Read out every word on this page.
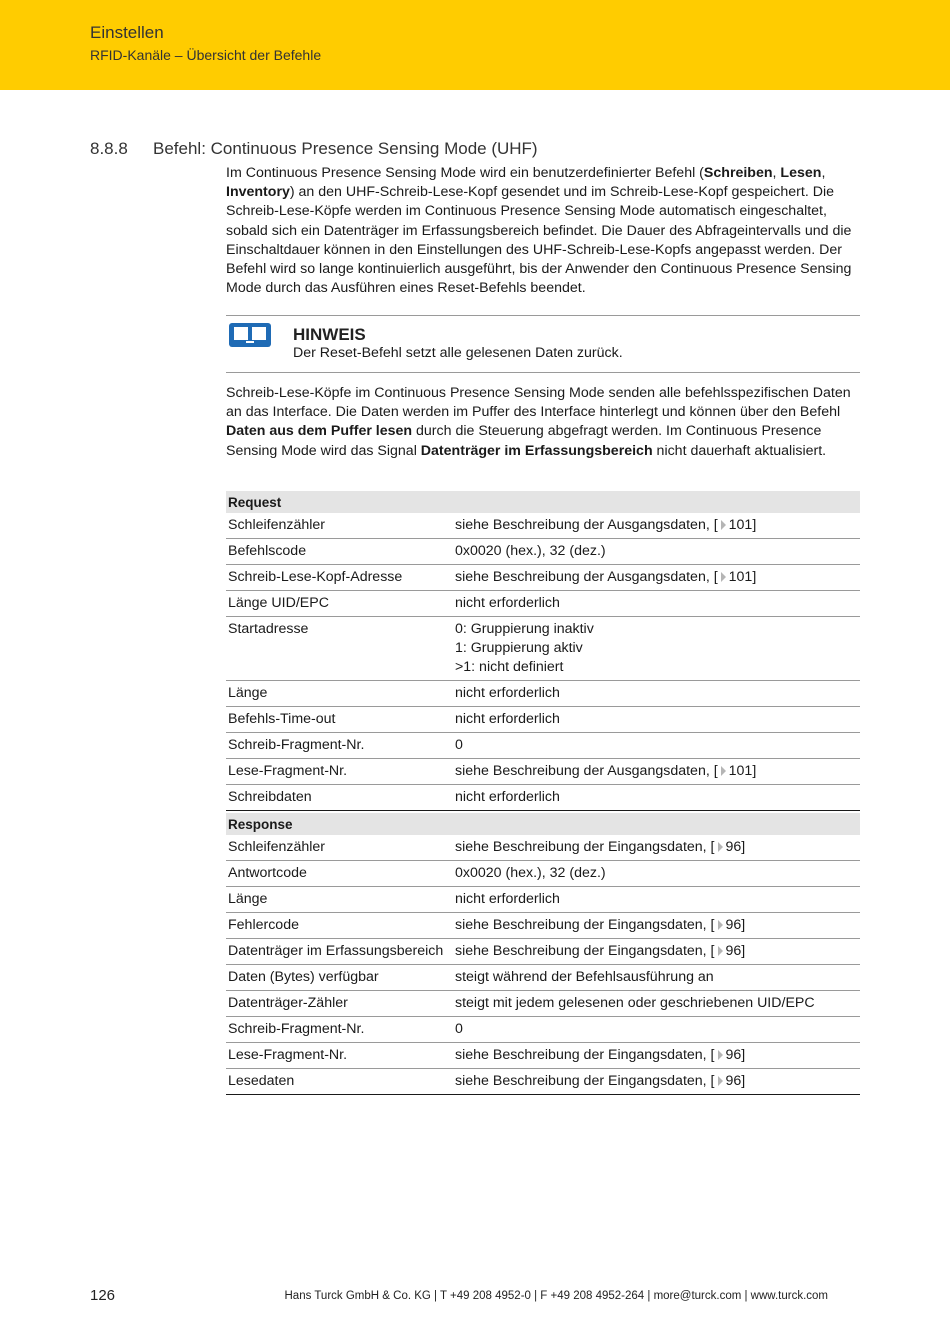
Einstellen
RFID-Kanäle – Übersicht der Befehle
8.8.8 Befehl: Continuous Presence Sensing Mode (UHF)
Im Continuous Presence Sensing Mode wird ein benutzerdefinierter Befehl (Schreiben, Lesen, Inventory) an den UHF-Schreib-Lese-Kopf gesendet und im Schreib-Lese-Kopf gespeichert. Die Schreib-Lese-Köpfe werden im Continuous Presence Sensing Mode automatisch eingeschaltet, sobald sich ein Datenträger im Erfassungsbereich befindet. Die Dauer des Abfrageintervalls und die Einschaltdauer können in den Einstellungen des UHF-Schreib-Lese-Kopfs angepasst werden. Der Befehl wird so lange kontinuierlich ausgeführt, bis der Anwender den Continuous Presence Sensing Mode durch das Ausführen eines Reset-Befehls beendet.
HINWEIS
Der Reset-Befehl setzt alle gelesenen Daten zurück.
Schreib-Lese-Köpfe im Continuous Presence Sensing Mode senden alle befehlsspezifischen Daten an das Interface. Die Daten werden im Puffer des Interface hinterlegt und können über den Befehl Daten aus dem Puffer lesen durch die Steuerung abgefragt werden. Im Continuous Presence Sensing Mode wird das Signal Datenträger im Erfassungsbereich nicht dauerhaft aktualisiert.
Request	
Schleifenzähler	siehe Beschreibung der Ausgangsdaten, [ 101]
Befehlscode	0x0020 (hex.), 32 (dez.)
Schreib-Lese-Kopf-Adresse	siehe Beschreibung der Ausgangsdaten, [ 101]
Länge UID/EPC	nicht erforderlich
Startadresse	0: Gruppierung inaktiv
1: Gruppierung aktiv
>1: nicht definiert

Länge	nicht erforderlich
Befehls-Time-out	nicht erforderlich
Schreib-Fragment-Nr.	0
Lese-Fragment-Nr.	siehe Beschreibung der Ausgangsdaten, [ 101]
Schreibdaten	nicht erforderlich
Response	
Schleifenzähler	siehe Beschreibung der Eingangsdaten, [ 96]
Antwortcode	0x0020 (hex.), 32 (dez.)
Länge	nicht erforderlich
Fehlercode	siehe Beschreibung der Eingangsdaten, [ 96]
Datenträger im Erfassungsbereich	siehe Beschreibung der Eingangsdaten, [ 96]
Daten (Bytes) verfügbar	steigt während der Befehlsausführung an
Datenträger-Zähler	steigt mit jedem gelesenen oder geschriebenen UID/EPC
Schreib-Fragment-Nr.	0
Lese-Fragment-Nr.	siehe Beschreibung der Eingangsdaten, [ 96]
Lesedaten	siehe Beschreibung der Eingangsdaten, [ 96]
126	Hans Turck GmbH & Co. KG | T +49 208 4952-0 | F +49 208 4952-264 | more@turck.com | www.turck.com
